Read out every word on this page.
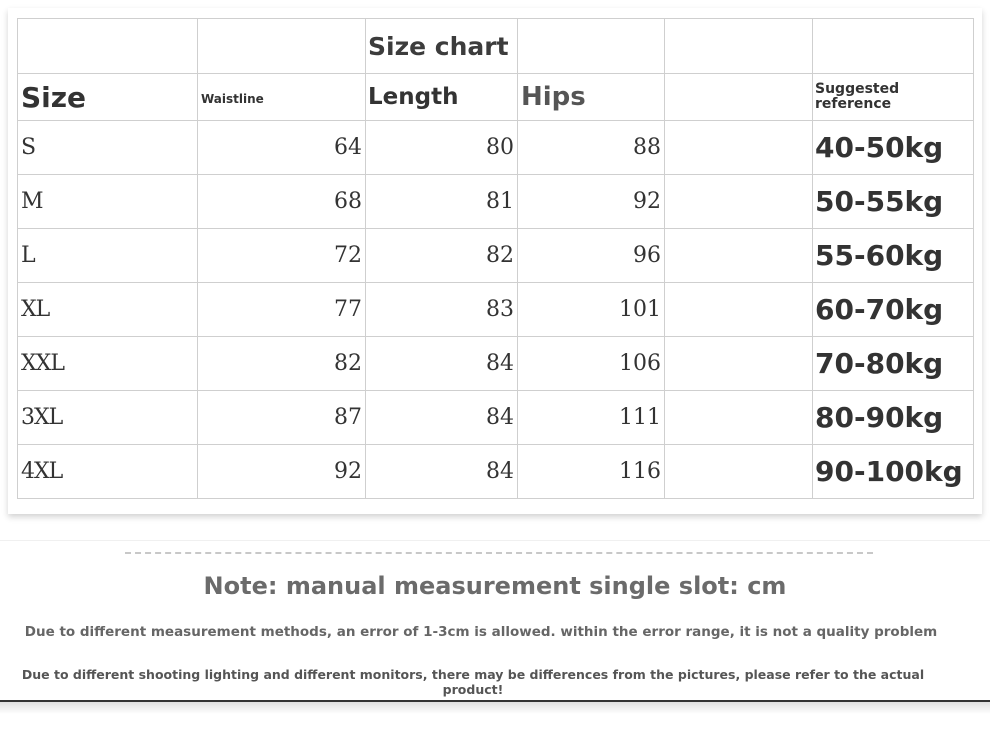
		Size chart			
Size	Waistline	Length	Hips		Suggested reference
S	64	80	88		40-50kg
M	68	81	92		50-55kg
L	72	82	96		55-60kg
XL	77	83	101		60-70kg
XXL	82	84	106		70-80kg
3XL	87	84	111		80-90kg
4XL	92	84	116		90-100kg
Note: manual measurement single slot: cm
Due to different measurement methods, an error of 1-3cm is allowed. within the error range, it is not a quality problem
Due to different shooting lighting and different monitors, there may be differences from the pictures, please refer to the actual product!
